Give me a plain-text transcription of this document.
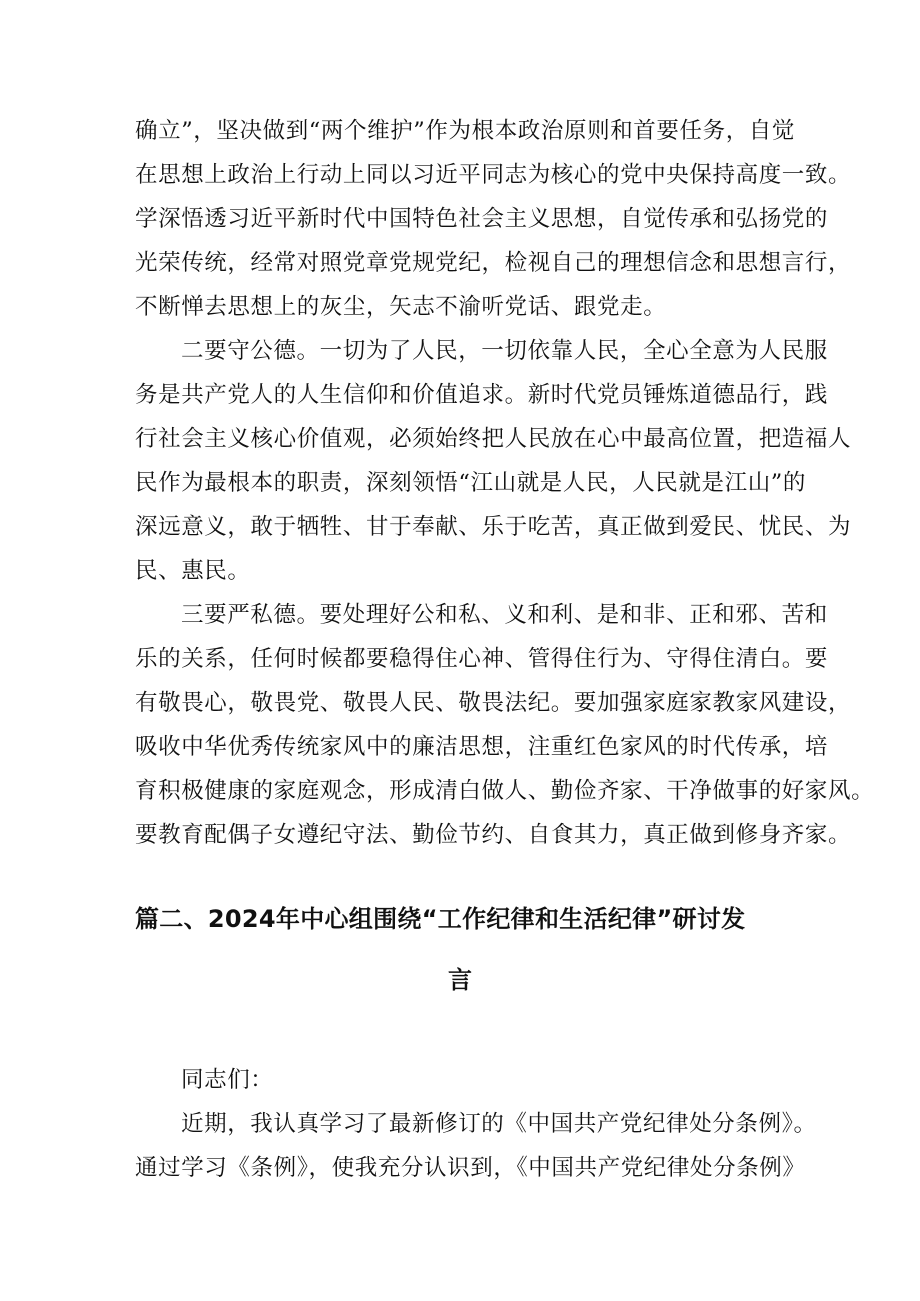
确立”，坚决做到“两个维护”作为根本政治原则和首要任务，自觉
在思想上政治上行动上同以习近平同志为核心的党中央保持高度一致。
学深悟透习近平新时代中国特色社会主义思想，自觉传承和弘扬党的
光荣传统，经常对照党章党规党纪，检视自己的理想信念和思想言行，
不断惮去思想上的灰尘，矢志不渝听党话、跟党走。
二要守公德。一切为了人民，一切依靠人民，全心全意为人民服
务是共产党人的人生信仰和价值追求。新时代党员锤炼道德品行，践
行社会主义核心价值观，必须始终把人民放在心中最高位置，把造福人
民作为最根本的职责，深刻领悟“江山就是人民，人民就是江山”的
深远意义，敢于牺牲、甘于奉献、乐于吃苦，真正做到爱民、忧民、为
民、惠民。
三要严私德。要处理好公和私、义和利、是和非、正和邪、苦和
乐的关系，任何时候都要稳得住心神、管得住行为、守得住清白。要
有敬畏心，敬畏党、敬畏人民、敬畏法纪。要加强家庭家教家风建设，
吸收中华优秀传统家风中的廉洁思想，注重红色家风的时代传承，培
育积极健康的家庭观念，形成清白做人、勤俭齐家、干净做事的好家风。
要教育配偶子女遵纪守法、勤俭节约、自食其力，真正做到修身齐家。
篇二、2024年中心组围绕“工作纪律和生活纪律”研讨发
言
同志们：
近期，我认真学习了最新修订的《中国共产党纪律处分条例》。
通过学习《条例》，使我充分认识到，《中国共产党纪律处分条例》
